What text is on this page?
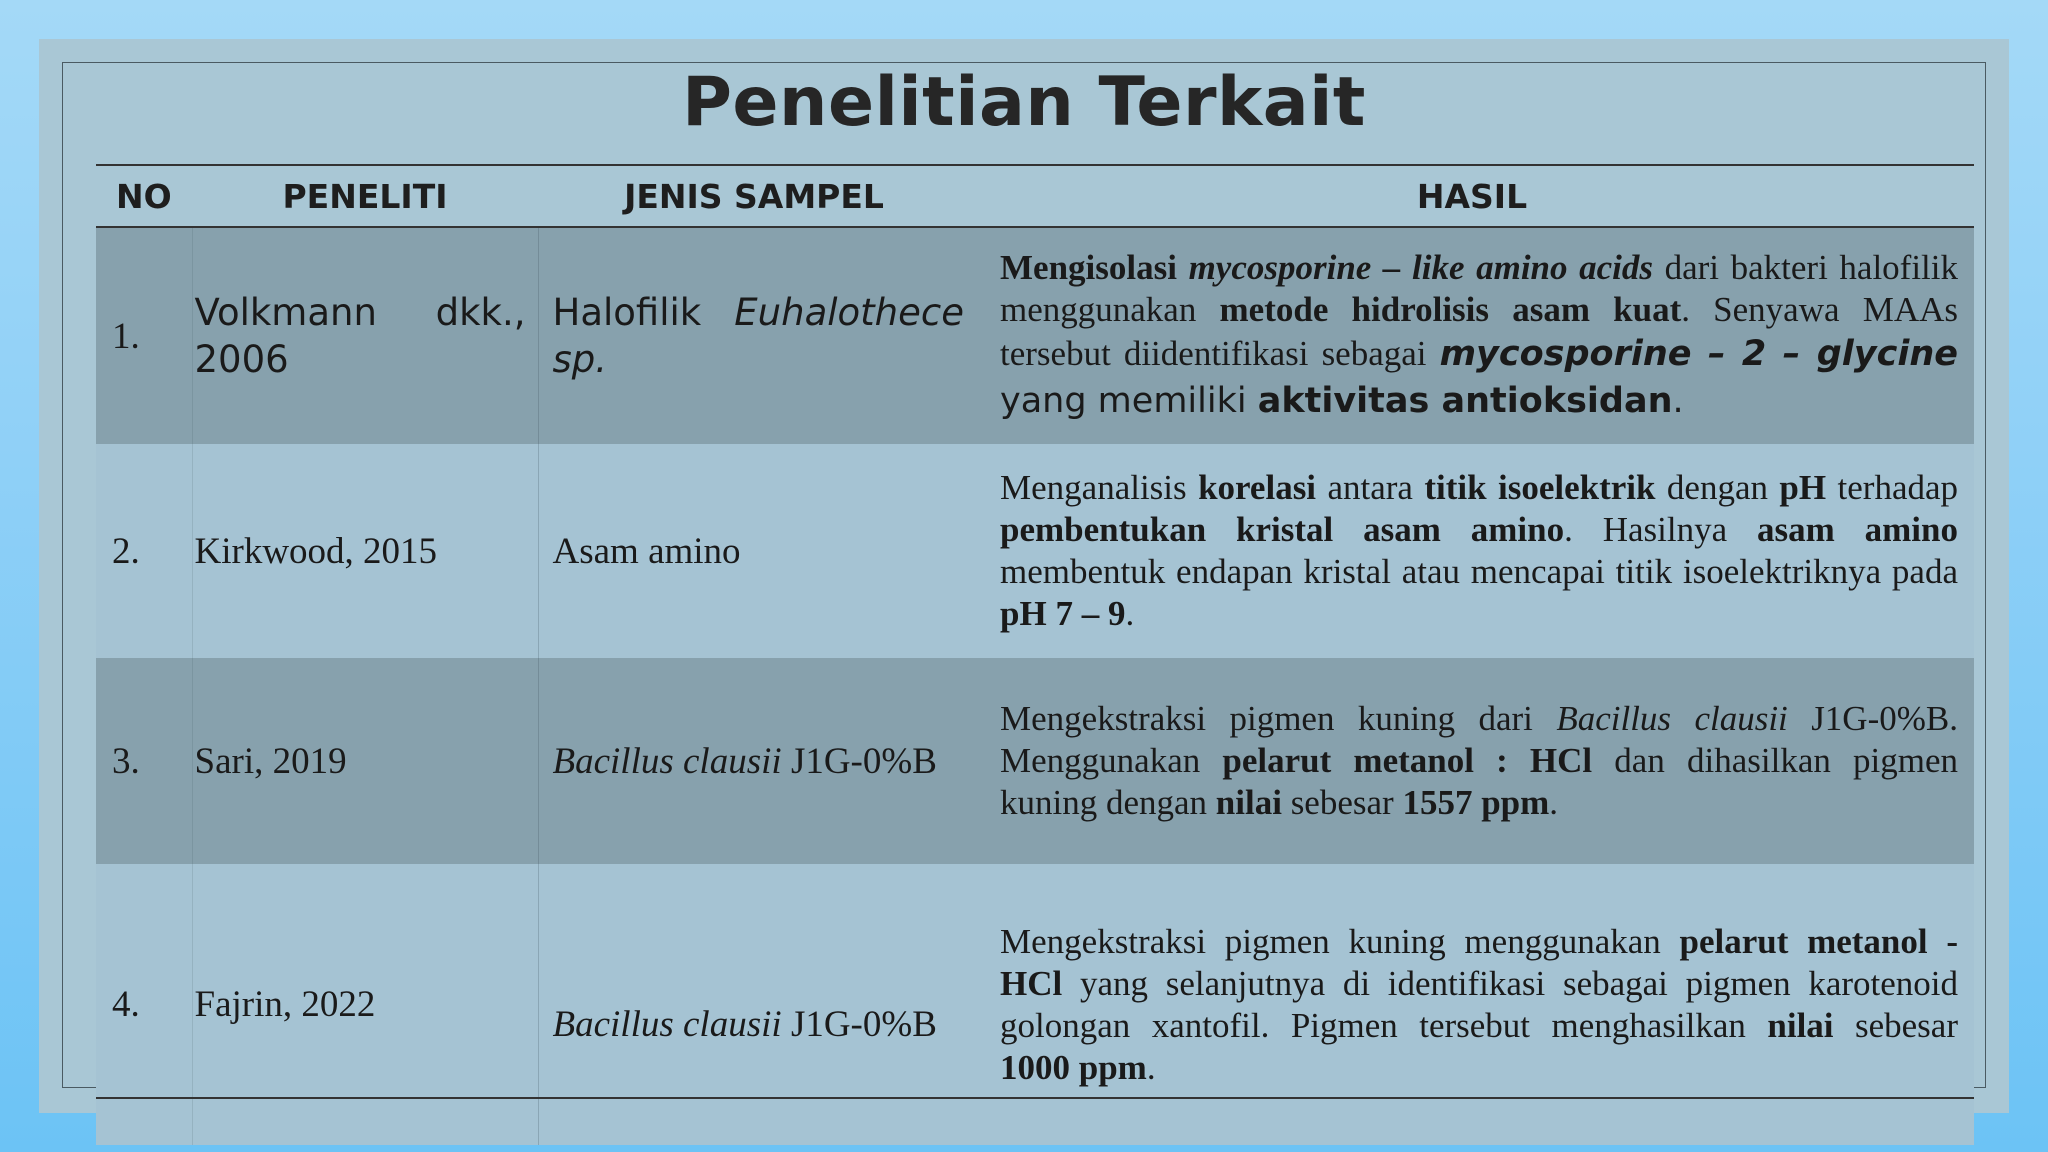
Penelitian Terkait
NO	PENELITI	JENIS SAMPEL	HASIL
1.	Volkmann dkk., 2006	Halofilik Euhalothece sp.	Mengisolasi mycosporine – like amino acids dari bakteri halofilik menggunakan metode hidrolisis asam kuat. Senyawa MAAs tersebut diidentifikasi sebagai mycosporine – 2 – glycine yang memiliki aktivitas antioksidan.

2.	Kirkwood, 2015	Asam amino	Menganalisis korelasi antara titik isoelektrik dengan pH terhadap pembentukan kristal asam amino. Hasilnya asam amino membentuk endapan kristal atau mencapai titik isoelektriknya pada pH 7 – 9.

3.	Sari, 2019	Bacillus clausii J1G-0%B	Mengekstraksi pigmen kuning dari Bacillus clausii J1G-0%B. Menggunakan pelarut metanol : HCl dan dihasilkan pigmen kuning dengan nilai sebesar 1557 ppm.

4.	Fajrin, 2022	Bacillus clausii J1G-0%B	Mengekstraksi pigmen kuning menggunakan pelarut metanol - HCl yang selanjutnya di identifikasi sebagai pigmen karotenoid golongan xantofil. Pigmen tersebut menghasilkan nilai sebesar 1000 ppm.
